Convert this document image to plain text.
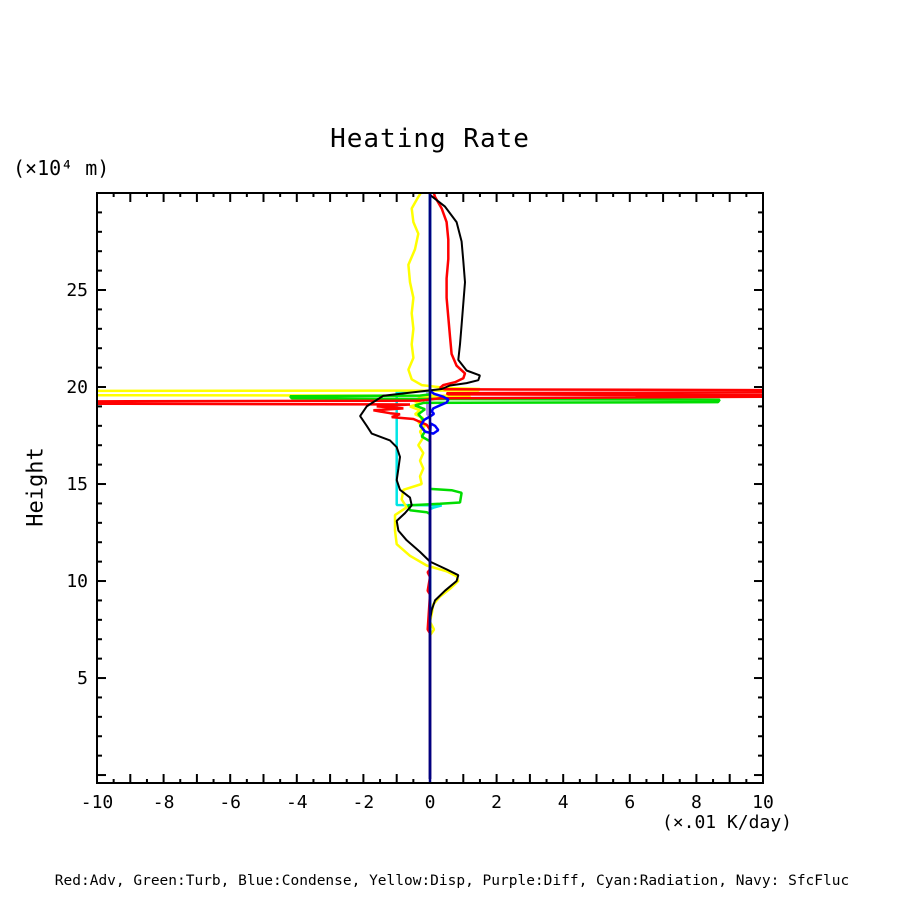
Heating Rate
(×10⁴ m)
Height
-10 -8 -6 -4 -2	0	2	4	6	8	10
5
10
15
20
25
(×.01 K/day)
Red:Adv, Green:Turb, Blue:Condense, Yellow:Disp, Purple:Diff, Cyan:Radiation, Navy: SfcFluc
